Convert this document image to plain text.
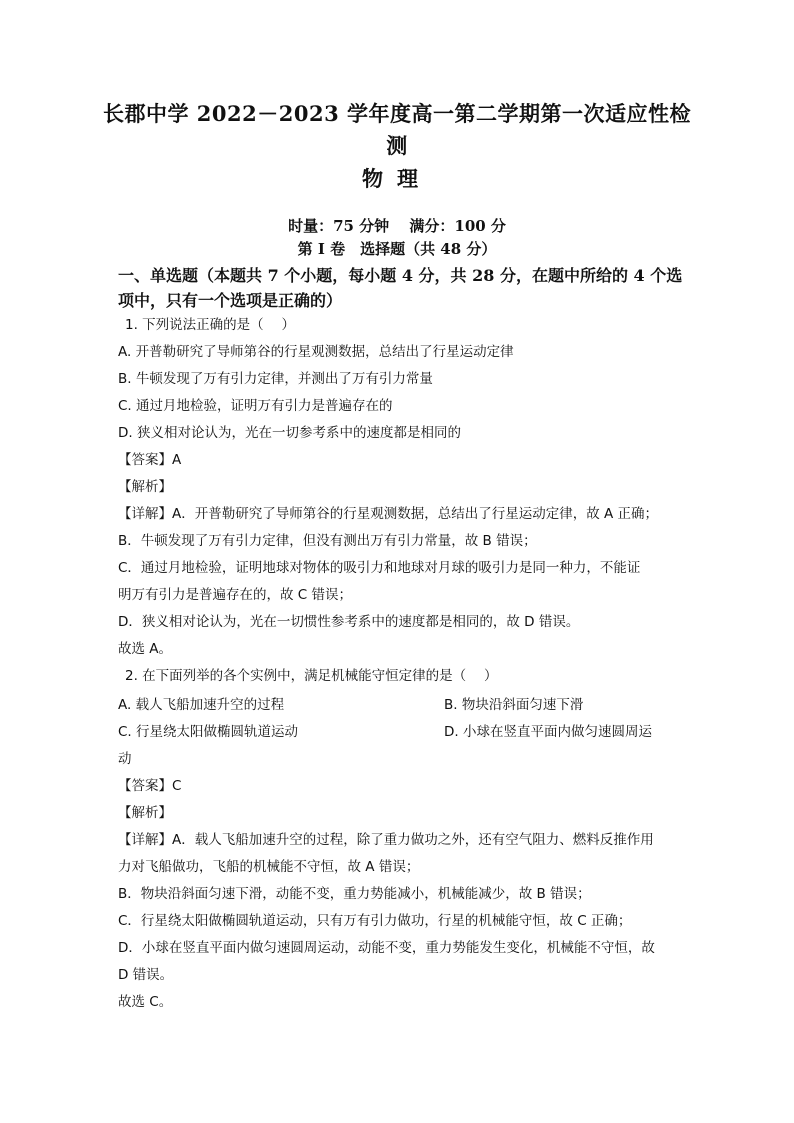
长郡中学 2022－2023 学年度高一第二学期第一次适应性检
测
物理
时量：75 分钟　 满分：100 分
第 Ⅰ 卷　选择题（共 48 分）
一、单选题（本题共 7 个小题，每小题 4 分，共 28 分，在题中所给的 4 个选
项中，只有一个选项是正确的）
1. 下列说法正确的是（　 ）
A. 开普勒研究了导师第谷的行星观测数据，总结出了行星运动定律
B. 牛顿发现了万有引力定律，并测出了万有引力常量
C. 通过月地检验，证明万有引力是普遍存在的
D. 狭义相对论认为，光在一切参考系中的速度都是相同的
【答案】A
【解析】
【详解】A．开普勒研究了导师第谷的行星观测数据，总结出了行星运动定律，故 A 正确；
B．牛顿发现了万有引力定律，但没有测出万有引力常量，故 B 错误；
C．通过月地检验，证明地球对物体的吸引力和地球对月球的吸引力是同一种力，不能证
明万有引力是普遍存在的，故 C 错误；
D．狭义相对论认为，光在一切惯性参考系中的速度都是相同的，故 D 错误。
故选 A。
2. 在下面列举的各个实例中，满足机械能守恒定律的是（　 ）
A. 载人飞船加速升空的过程	B. 物块沿斜面匀速下滑
C. 行星绕太阳做椭圆轨道运动	D. 小球在竖直平面内做匀速圆周运
动
【答案】C
【解析】
【详解】A．载人飞船加速升空的过程，除了重力做功之外，还有空气阻力、燃料反推作用
力对飞船做功，飞船的机械能不守恒，故 A 错误；
B．物块沿斜面匀速下滑，动能不变，重力势能减小，机械能减少，故 B 错误；
C．行星绕太阳做椭圆轨道运动，只有万有引力做功，行星的机械能守恒，故 C 正确；
D．小球在竖直平面内做匀速圆周运动，动能不变，重力势能发生变化，机械能不守恒，故
D 错误。
故选 C。
